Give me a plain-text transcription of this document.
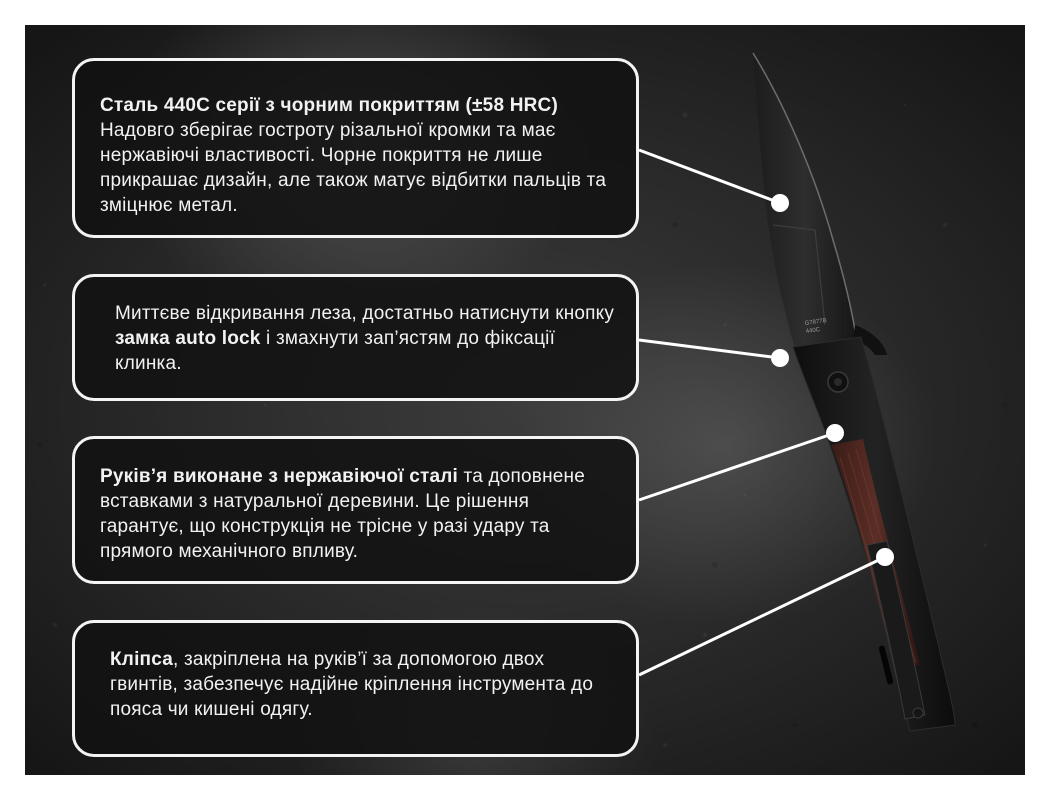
G7877B
440C

Сталь 440С серії з чорним покриттям (±58 HRC)
Надовго зберігає гостроту різальної кромки та має нержавіючі властивості. Чорне покриття не лише прикрашає дизайн, але також матує відбитки пальців та зміцнює метал.

Миттєве відкривання леза, достатньо натиснути кнопку замка auto lock і змахнути зап’ястям до фіксації клинка.

Руків’я виконане з нержавіючої сталі та доповнене вставками з натуральної деревини. Це рішення гарантує, що конструкція не трісне у разі удару та прямого механічного впливу.

Кліпса, закріплена на руків’ї за допомогою двох гвинтів, забезпечує надійне кріплення інструмента до пояса чи кишені одягу.
